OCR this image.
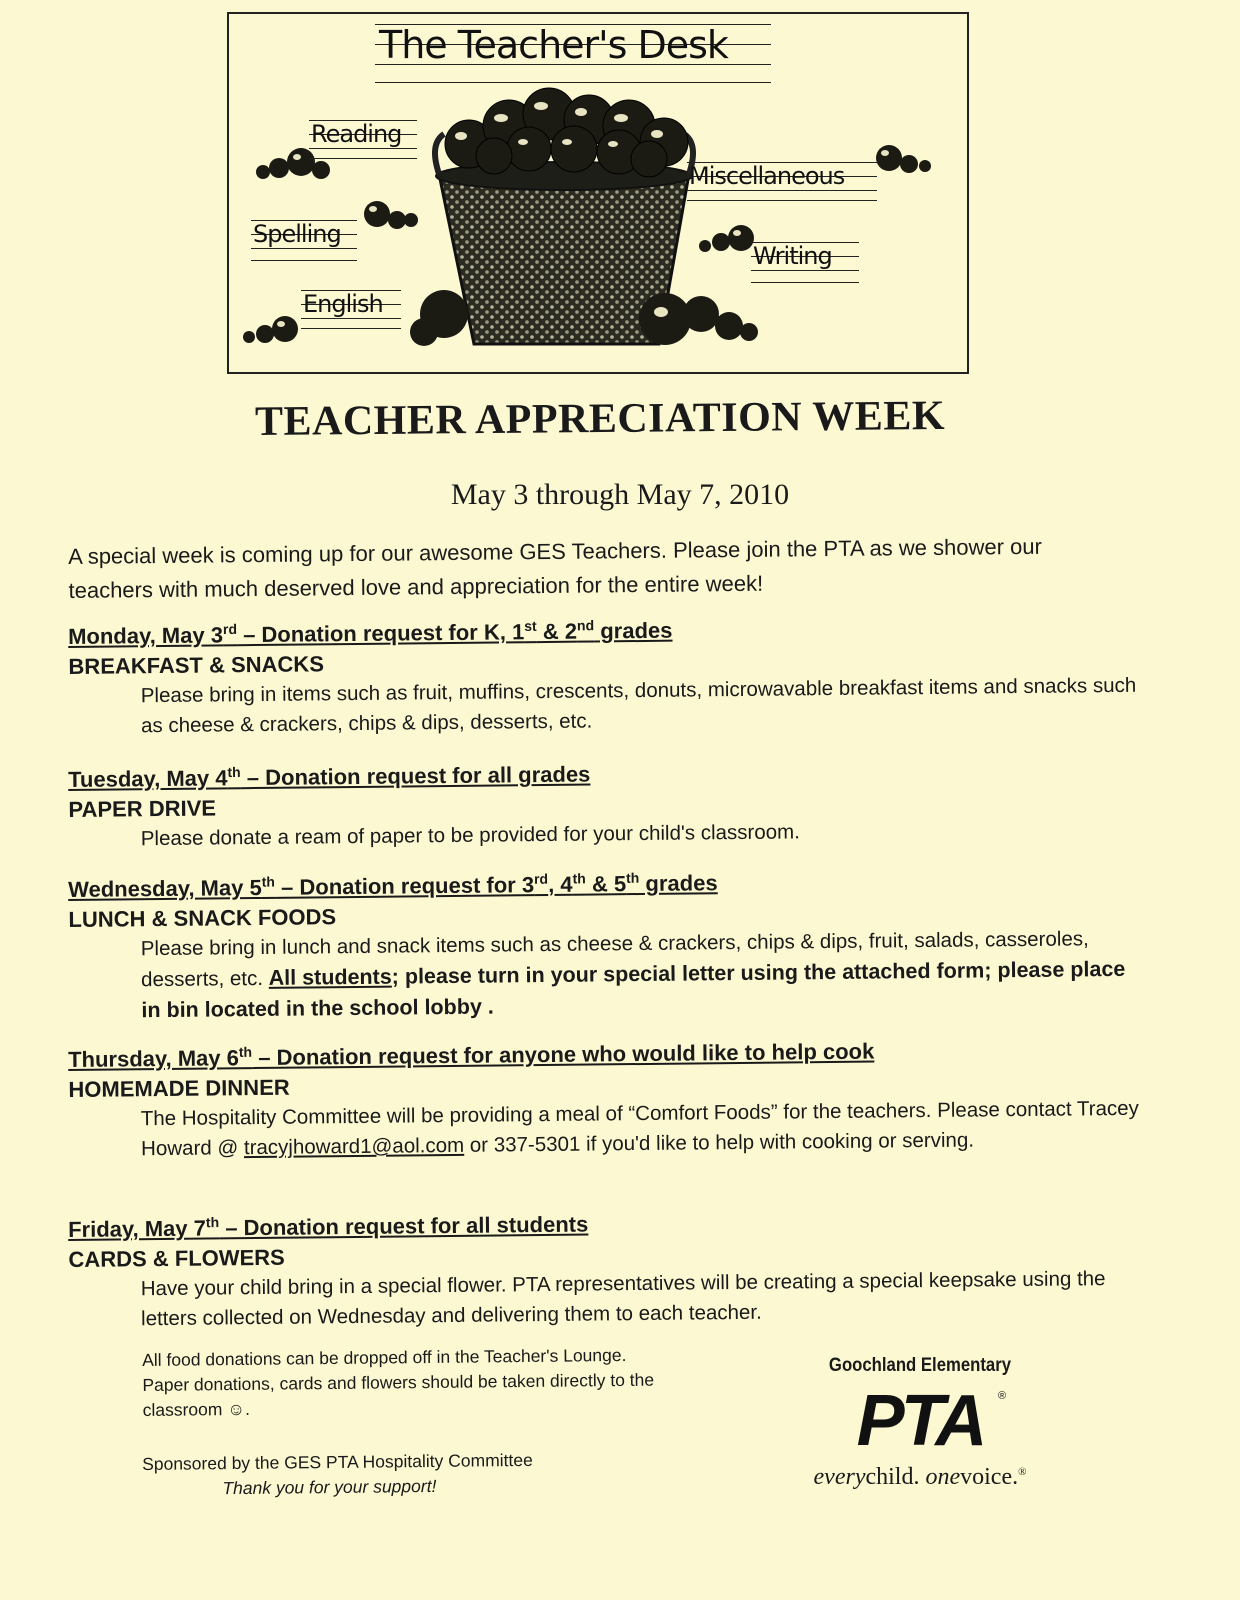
The Teacher's Desk
Reading
Spelling
English
Miscellaneous
Writing
TEACHER APPRECIATION WEEK
May 3 through May 7, 2010
A special week is coming up for our awesome GES Teachers. Please join the PTA as we shower our teachers with much deserved love and appreciation for the entire week!
Monday, May 3rd – Donation request for K, 1st & 2nd grades
BREAKFAST & SNACKS
Please bring in items such as fruit, muffins, crescents, donuts, microwavable breakfast items and snacks such as cheese & crackers, chips & dips, desserts, etc.
Tuesday, May 4th – Donation request for all grades
PAPER DRIVE
Please donate a ream of paper to be provided for your child's classroom.
Wednesday, May 5th – Donation request for 3rd, 4th & 5th grades
LUNCH & SNACK FOODS
Please bring in lunch and snack items such as cheese & crackers, chips & dips, fruit, salads, casseroles, desserts, etc. All students; please turn in your special letter using the attached form; please place in bin located in the school lobby .
Thursday, May 6th – Donation request for anyone who would like to help cook
HOMEMADE DINNER
The Hospitality Committee will be providing a meal of “Comfort Foods” for the teachers. Please contact Tracey Howard @ tracyjhoward1@aol.com or 337-5301 if you'd like to help with cooking or serving.
Friday, May 7th – Donation request for all students
CARDS & FLOWERS
Have your child bring in a special flower. PTA representatives will be creating a special keepsake using the letters collected on Wednesday and delivering them to each teacher.
All food donations can be dropped off in the Teacher's Lounge. Paper donations, cards and flowers should be taken directly to the classroom ☺.
Sponsored by the GES PTA Hospitality Committee
Thank you for your support!
Goochland Elementary
PTA ®
everychild. onevoice.®
